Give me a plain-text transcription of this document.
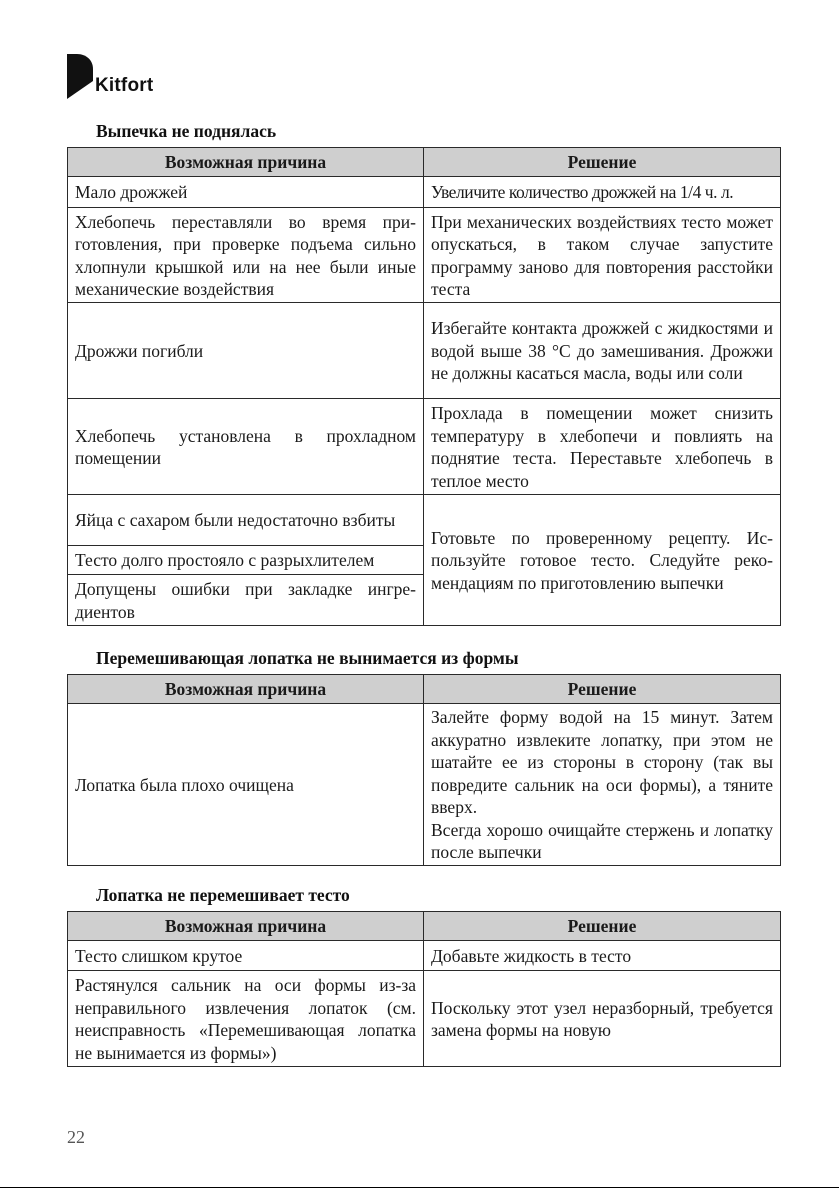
Kitfort
Выпечка не поднялась
Возможная причина	Решение
Мало дрожжей	Увеличите количество дрожжей на 1/4 ч. л.
Хлебопечь переставляли во время приготовления, при проверке подъема сильно хлопнули крышкой или на нее были иные механические воздействия	При механических воздействиях тесто может опускаться, в таком случае запустите программу заново для повторения расстойки теста
Дрожжи погибли	Избегайте контакта дрожжей с жидкостями и водой выше 38 °С до замешивания. Дрожжи не должны касаться масла, воды или соли
Хлебопечь установлена в прохладном помещении	Прохлада в помещении может снизить температуру в хлебопечи и повлиять на поднятие теста. Переставьте хлебопечь в теплое место
Яйца с сахаром были недостаточно взбиты	Готовьте по проверенному рецепту. Используйте готовое тесто. Следуйте рекомендациям по приготовлению выпечки
Тесто долго простояло с разрыхлителем	
Допущены ошибки при закладке ингредиентов	
Перемешивающая лопатка не вынимается из формы
Возможная причина	Решение
Лопатка была плохо очищена	Залейте форму водой на 15 минут. Затем аккуратно извлеките лопатку, при этом не шатайте ее из стороны в сторону (так вы повредите сальник на оси формы), а тяните вверх.
Всегда хорошо очищайте стержень и лопатку после выпечки
Лопатка не перемешивает тесто
Возможная причина	Решение
Тесто слишком крутое	Добавьте жидкость в тесто
Растянулся сальник на оси формы из-за неправильного извлечения лопаток (см. неисправность «Перемешивающая лопатка не вынимается из формы»)	Поскольку этот узел неразборный, требуется замена формы на новую
22
